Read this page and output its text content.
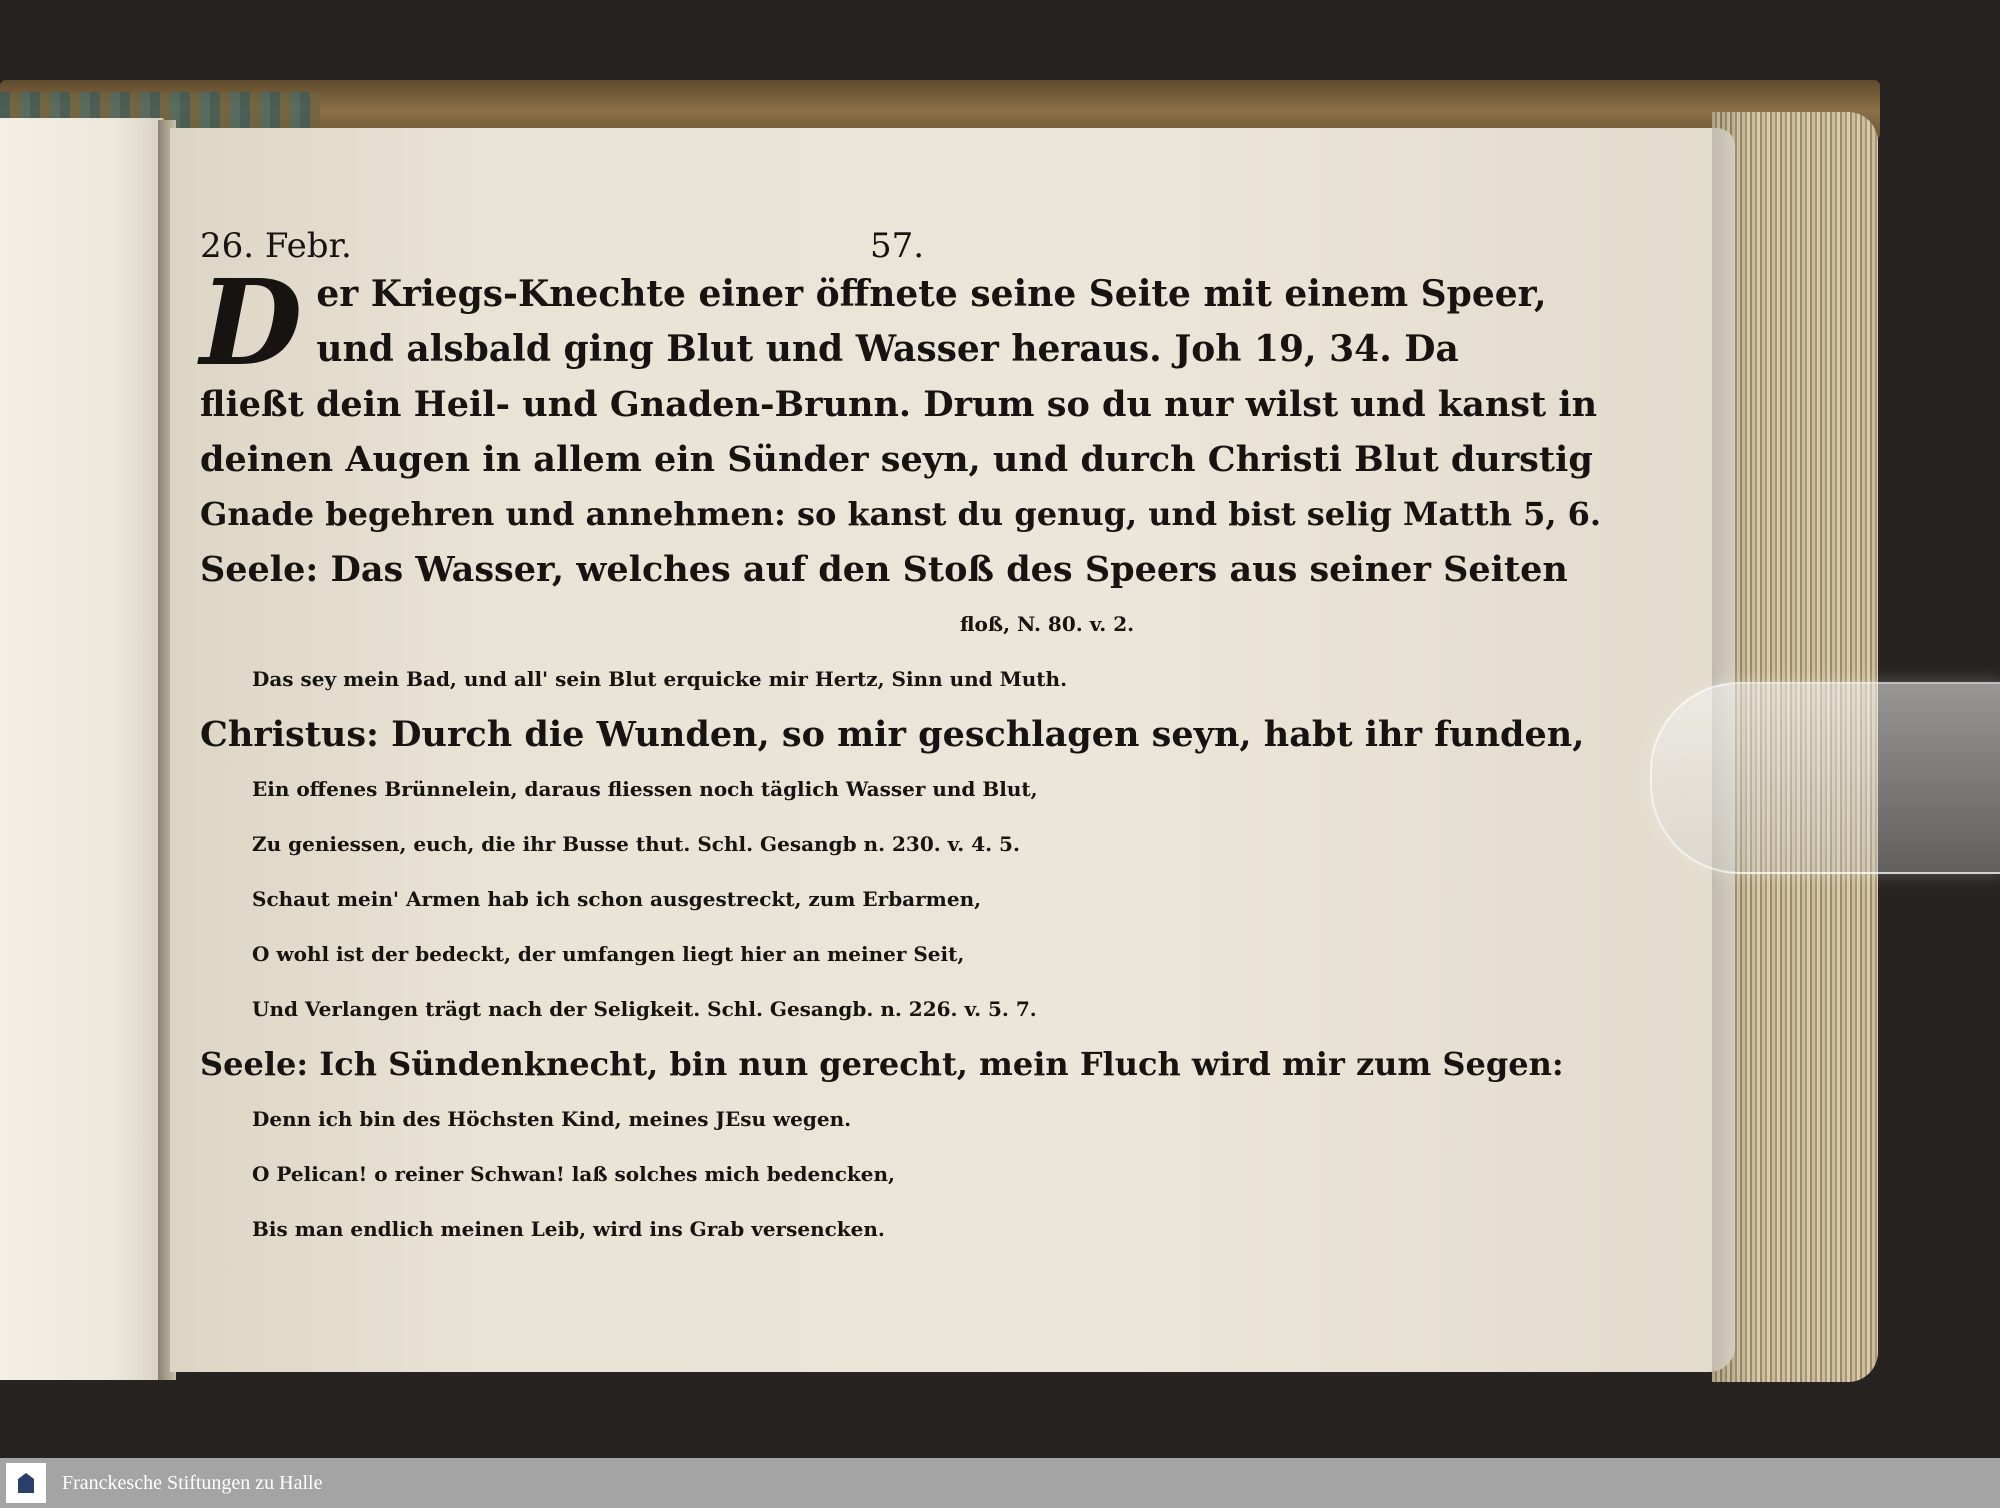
26. Febr.	57.
D er Kriegs-Knechte einer öffnete seine Seite mit einem Speer,
und alsbald ging Blut und Wasser heraus. Joh 19, 34. Da
fließt dein Heil- und Gnaden-Brunn. Drum so du nur wilst und kanst in
deinen Augen in allem ein Sünder seyn, und durch Christi Blut durstig
Gnade begehren und annehmen: so kanst du genug, und bist selig Matth 5, 6.
Seele: Das Wasser, welches auf den Stoß des Speers aus seiner Seiten
floß, N. 80. v. 2.
Das sey mein Bad, und all' sein Blut erquicke mir Hertz, Sinn und Muth.
Christus: Durch die Wunden, so mir geschlagen seyn, habt ihr funden,
Ein offenes Brünnelein, daraus fliessen noch täglich Wasser und Blut,
Zu geniessen, euch, die ihr Busse thut. Schl. Gesangb n. 230. v. 4. 5.
Schaut mein' Armen hab ich schon ausgestreckt, zum Erbarmen,
O wohl ist der bedeckt, der umfangen liegt hier an meiner Seit,
Und Verlangen trägt nach der Seligkeit. Schl. Gesangb. n. 226. v. 5. 7.
Seele: Ich Sündenknecht, bin nun gerecht, mein Fluch wird mir zum Segen:
Denn ich bin des Höchsten Kind, meines JEsu wegen.
O Pelican! o reiner Schwan! laß solches mich bedencken,
Bis man endlich meinen Leib, wird ins Grab versencken.
Franckesche Stiftungen zu Halle
